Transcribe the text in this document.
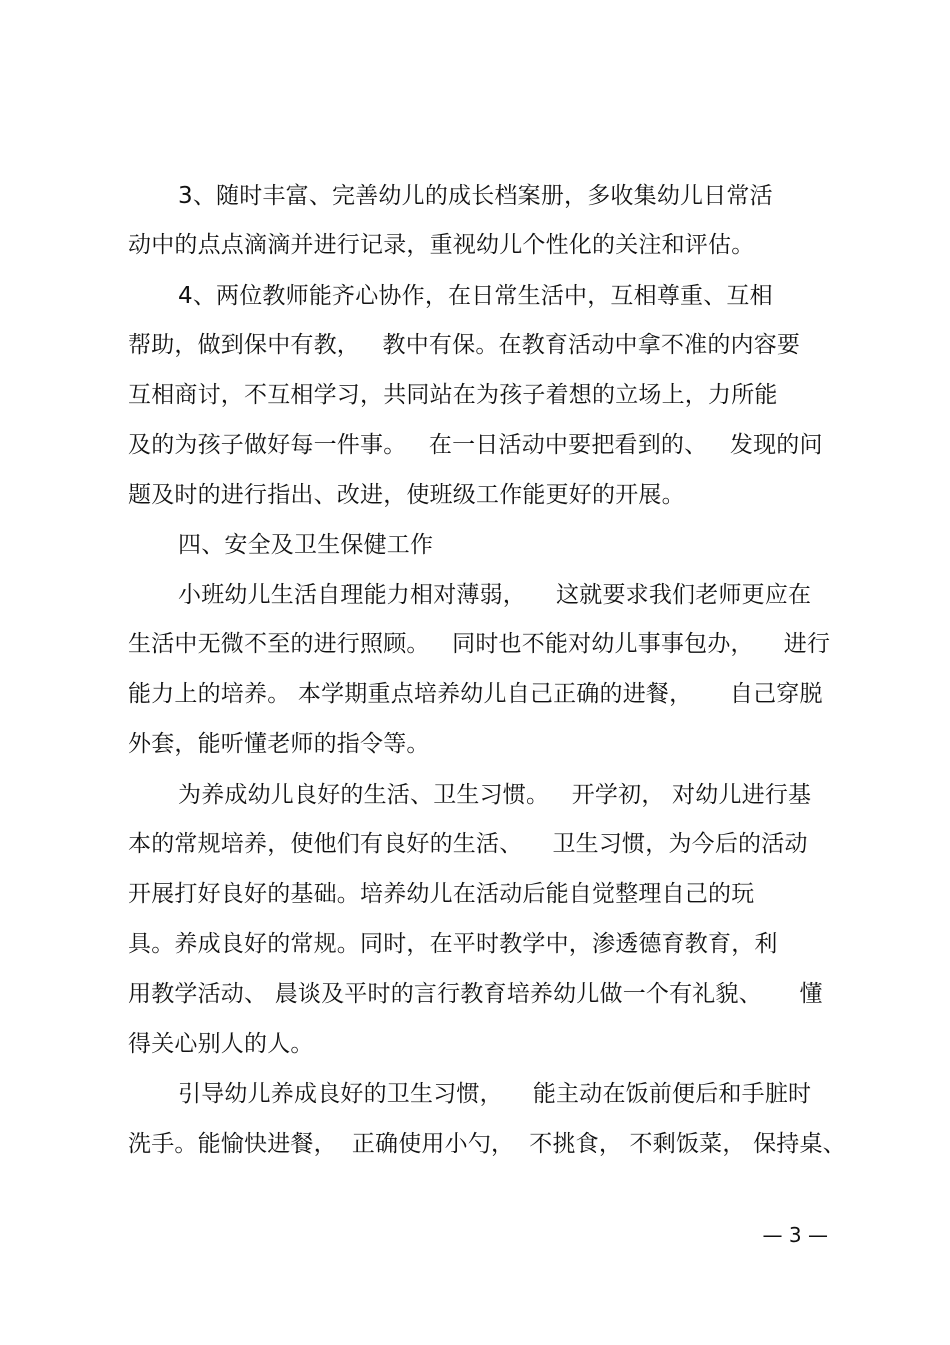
3、随时丰富、完善幼儿的成长档案册，多收集幼儿日常活
动中的点点滴滴并进行记录，重视幼儿个性化的关注和评估。
4、两位教师能齐心协作，在日常生活中，互相尊重、互相
帮助，做到保中有教，   教中有保。在教育活动中拿不准的内容要
互相商讨，不互相学习，共同站在为孩子着想的立场上，力所能
及的为孩子做好每一件事。   在一日活动中要把看到的、   发现的问
题及时的进行指出、改进，使班级工作能更好的开展。
四、安全及卫生保健工作
小班幼儿生活自理能力相对薄弱，    这就要求我们老师更应在
生活中无微不至的进行照顾。   同时也不能对幼儿事事包办，    进行
能力上的培养。 本学期重点培养幼儿自己正确的进餐，     自己穿脱
外套，能听懂老师的指令等。
为养成幼儿良好的生活、卫生习惯。   开学初， 对幼儿进行基
本的常规培养，使他们有良好的生活、    卫生习惯，为今后的活动
开展打好良好的基础。培养幼儿在活动后能自觉整理自己的玩
具。养成良好的常规。同时，在平时教学中，渗透德育教育，利
用教学活动、 晨谈及平时的言行教育培养幼儿做一个有礼貌、     懂
得关心别人的人。
引导幼儿养成良好的卫生习惯，    能主动在饭前便后和手脏时
洗手。能愉快进餐，  正确使用小勺，  不挑食， 不剩饭菜， 保持桌、
— 3 —
